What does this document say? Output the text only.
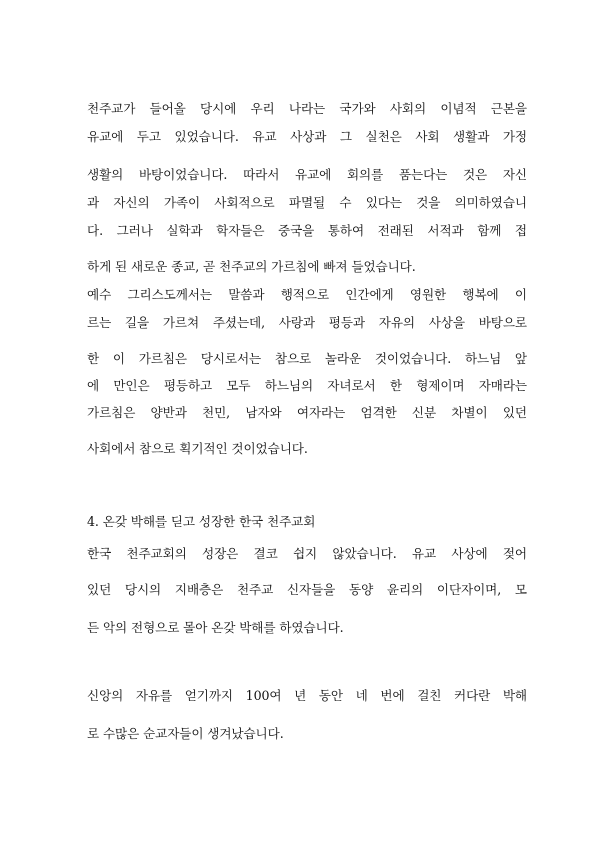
천주교가 들어올 당시에 우리 나라는 국가와 사회의 이념적 근본을
유교에 두고 있었습니다. 유교 사상과 그 실천은 사회 생활과 가정
생활의 바탕이었습니다. 따라서 유교에 회의를 품는다는 것은 자신
과 자신의 가족이 사회적으로 파멸될 수 있다는 것을 의미하였습니
다. 그러나 실학과 학자들은 중국을 통하여 전래된 서적과 함께 접
하게 된 새로운 종교, 곧 천주교의 가르침에 빠져 들었습니다.
예수 그리스도께서는 말씀과 행적으로 인간에게 영원한 행복에 이
르는 길을 가르쳐 주셨는데, 사랑과 평등과 자유의 사상을 바탕으로
한 이 가르침은 당시로서는 참으로 놀라운 것이었습니다. 하느님 앞
에 만인은 평등하고 모두 하느님의 자녀로서 한 형제이며 자매라는
가르침은 양반과 천민, 남자와 여자라는 엄격한 신분 차별이 있던
사회에서 참으로 획기적인 것이었습니다.
4. 온갖 박해를 딛고 성장한 한국 천주교회
한국 천주교회의 성장은 결코 쉽지 않았습니다. 유교 사상에 젖어
있던 당시의 지배층은 천주교 신자들을 동양 윤리의 이단자이며, 모
든 악의 전형으로 몰아 온갖 박해를 하였습니다.
신앙의 자유를 얻기까지 100여 년 동안 네 번에 걸친 커다란 박해
로 수많은 순교자들이 생겨났습니다.
